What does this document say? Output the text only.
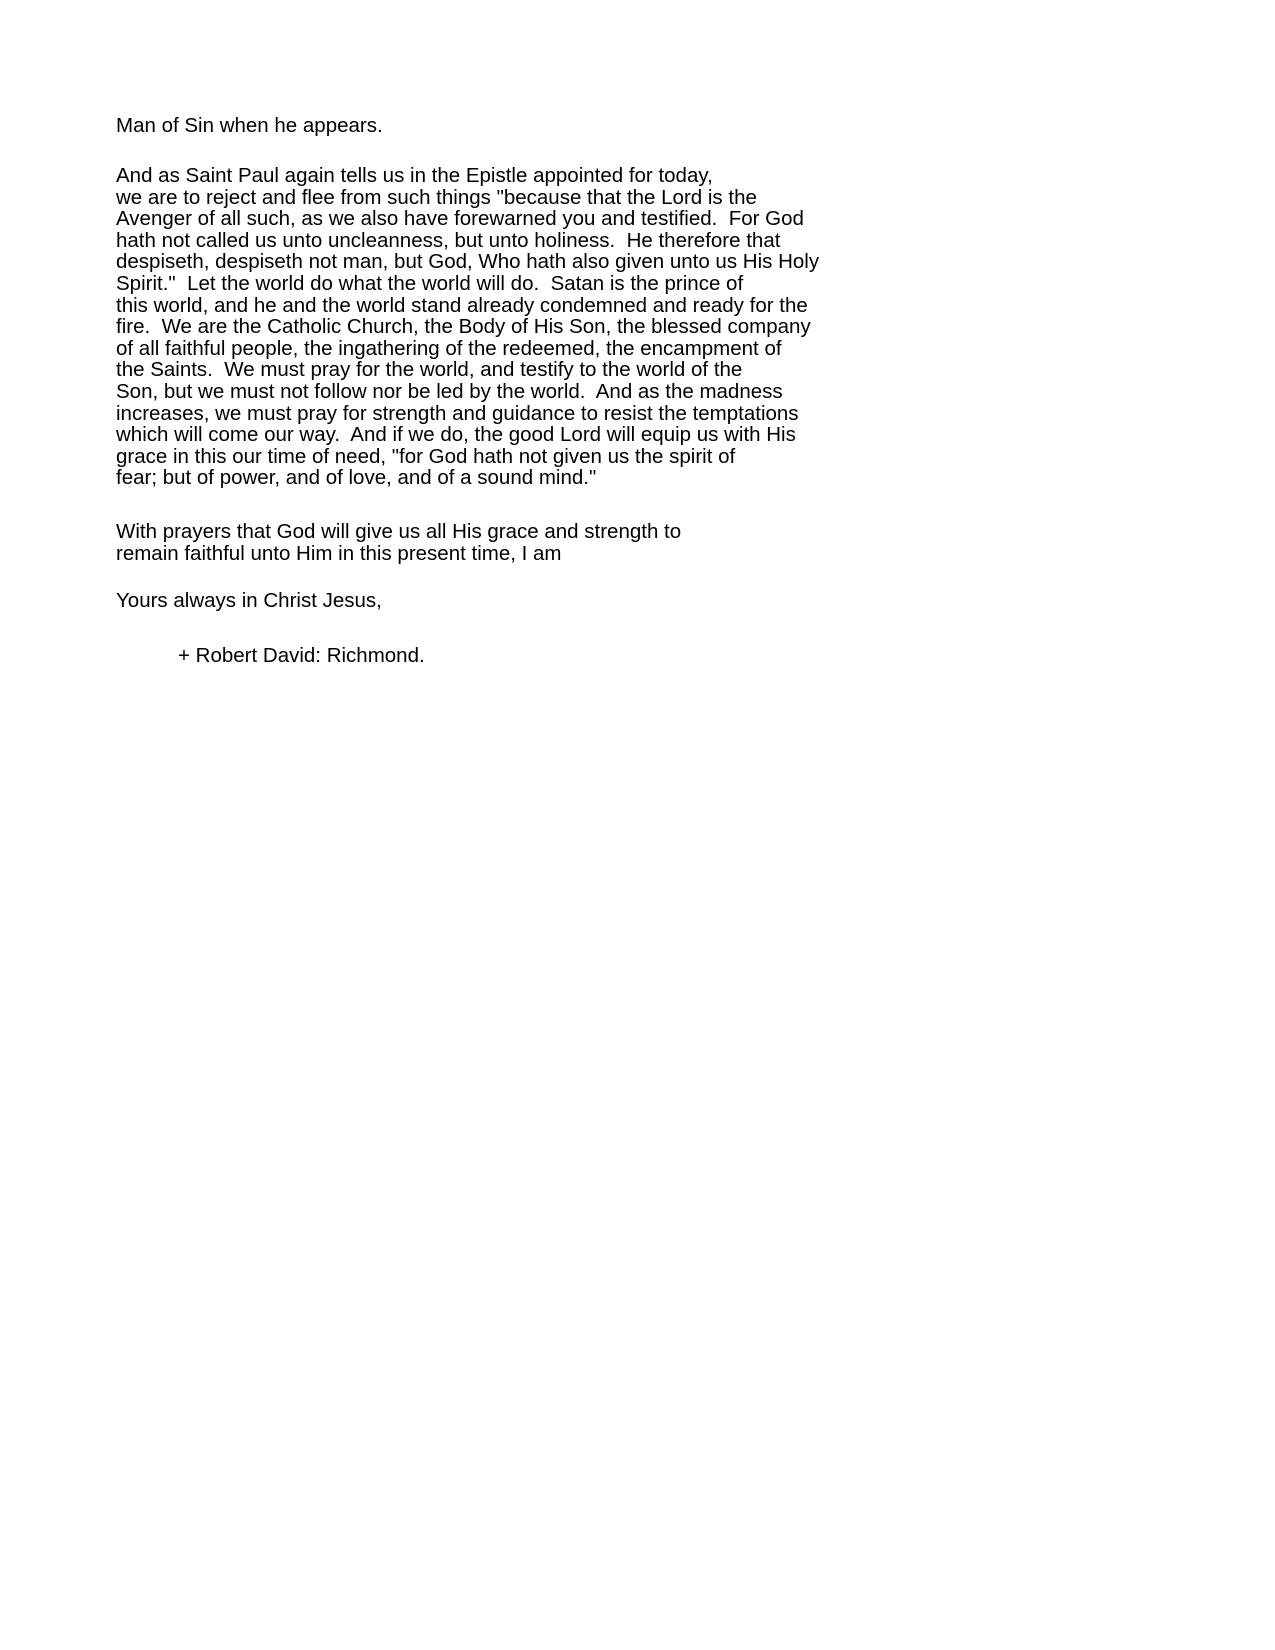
Man of Sin when he appears.
And as Saint Paul again tells us in the Epistle appointed for today,
we are to reject and flee from such things "because that the Lord is the
Avenger of all such, as we also have forewarned you and testified.  For God
hath not called us unto uncleanness, but unto holiness.  He therefore that
despiseth, despiseth not man, but God, Who hath also given unto us His Holy
Spirit."  Let the world do what the world will do.  Satan is the prince of
this world, and he and the world stand already condemned and ready for the
fire.  We are the Catholic Church, the Body of His Son, the blessed company
of all faithful people, the ingathering of the redeemed, the encampment of
the Saints.  We must pray for the world, and testify to the world of the
Son, but we must not follow nor be led by the world.  And as the madness
increases, we must pray for strength and guidance to resist the temptations
which will come our way.  And if we do, the good Lord will equip us with His
grace in this our time of need, "for God hath not given us the spirit of
fear; but of power, and of love, and of a sound mind."
With prayers that God will give us all His grace and strength to
remain faithful unto Him in this present time, I am
Yours always in Christ Jesus,
+ Robert David: Richmond.
